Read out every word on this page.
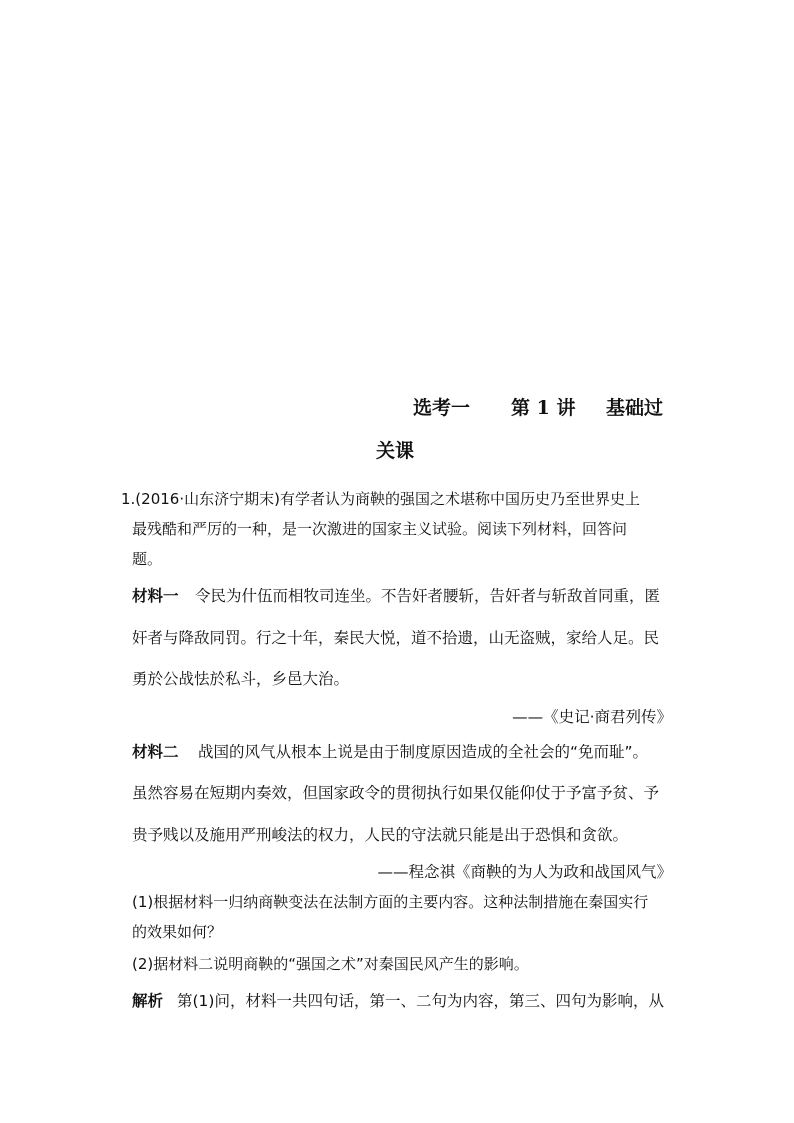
选考一 第 1 讲 基础过
关课
1.(2016·山东济宁期末)有学者认为商鞅的强国之术堪称中国历史乃至世界史上
最残酷和严厉的一种，是一次激进的国家主义试验。阅读下列材料，回答问
题。
材料一 令民为什伍而相牧司连坐。不告奸者腰斩，告奸者与斩敌首同重，匿
奸者与降敌同罚。行之十年，秦民大悦，道不拾遗，山无盗贼，家给人足。民
勇於公战怯於私斗，乡邑大治。
——《史记·商君列传》
材料二 战国的风气从根本上说是由于制度原因造成的全社会的“免而耻”。
虽然容易在短期内奏效，但国家政令的贯彻执行如果仅能仰仗于予富予贫、予
贵予贱以及施用严刑峻法的权力，人民的守法就只能是出于恐惧和贪欲。
——程念祺《商鞅的为人为政和战国风气》
(1)根据材料一归纳商鞅变法在法制方面的主要内容。这种法制措施在秦国实行
的效果如何？
(2)据材料二说明商鞅的“强国之术”对秦国民风产生的影响。
解析 第(1)问，材料一共四句话，第一、二句为内容，第三、四句为影响，从
